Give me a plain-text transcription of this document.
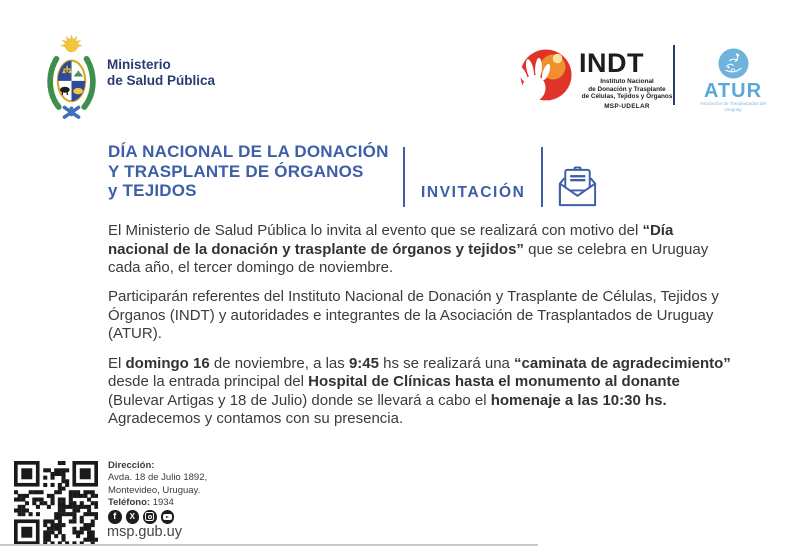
Ministerio
de Salud Pública
INDT
Instituto Nacional
de Donación y Trasplante
de Células, Tejidos y Órganos
MSP-UDELAR
ATUR
Asociación de Trasplantados del Uruguay
DÍA NACIONAL DE LA DONACIÓN
Y TRASPLANTE DE ÓRGANOS
y TEJIDOS	INVITACIÓN

El Ministerio de Salud Pública lo invita al evento que se realizará con motivo del “Día nacional de la donación y trasplante de órganos y tejidos” que se celebra en Uruguay cada año, el tercer domingo de noviembre.

Participarán referentes del Instituto Nacional de Donación y Trasplante de Células, Tejidos y Órganos (INDT) y autoridades e integrantes de la Asociación de Trasplantados de Uruguay  (ATUR).

El domingo 16 de noviembre, a las 9:45 hs se realizará una “caminata de agradecimiento” desde la entrada principal del Hospital de Clínicas hasta el monumento al donante (Bulevar Artigas y 18 de Julio) donde se llevará a cabo el homenaje a las 10:30 hs. Agradecemos y contamos con su presencia.

Dirección:
Avda. 18 de Julio 1892,
Montevideo, Uruguay.
Teléfono: 1934
f X
msp.gub.uy
